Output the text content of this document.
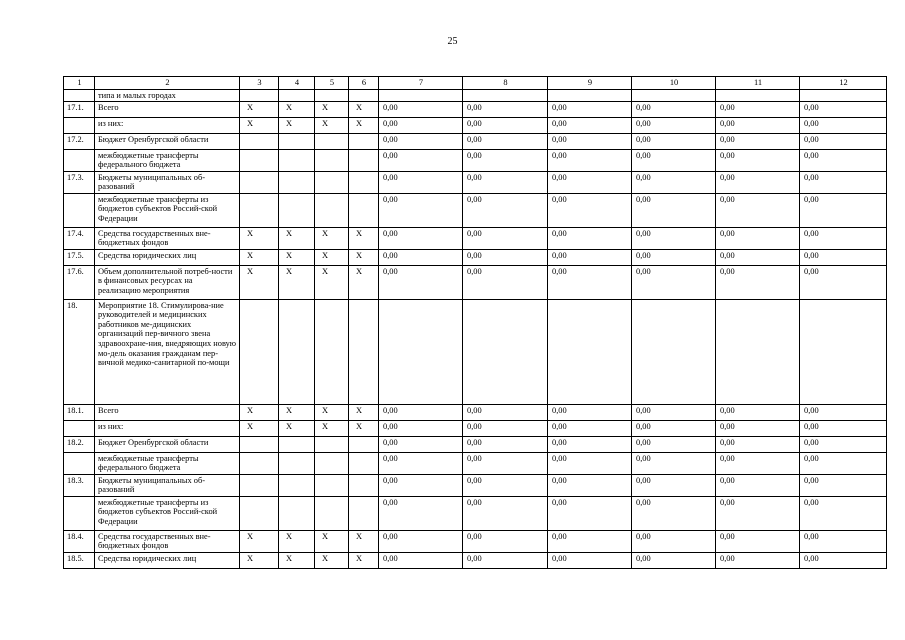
25
1	2	3	4	5	6	7	8	9	10	11	12
	типа и малых городах										
17.1.	Всего	X	X	X	X	0,00	0,00	0,00	0,00	0,00	0,00
	из них:	X	X	X	X	0,00	0,00	0,00	0,00	0,00	0,00
17.2.	Бюджет Оренбургской области					0,00	0,00	0,00	0,00	0,00	0,00
	межбюджетные трансферты федерального бюджета					0,00	0,00	0,00	0,00	0,00	0,00
17.3.	Бюджеты муниципальных об-разований					0,00	0,00	0,00	0,00	0,00	0,00
	межбюджетные трансферты из бюджетов субъектов Россий-ской Федерации					0,00	0,00	0,00	0,00	0,00	0,00
17.4.	Средства государственных вне-бюджетных фондов	X	X	X	X	0,00	0,00	0,00	0,00	0,00	0,00
17.5.	Средства юридических лиц	X	X	X	X	0,00	0,00	0,00	0,00	0,00	0,00
17.6.	Объем дополнительной потреб-ности в финансовых ресурсах на реализацию мероприятия	X	X	X	X	0,00	0,00	0,00	0,00	0,00	0,00
18.	Мероприятие 18. Стимулирова-ние руководителей и медицинских работников ме-дицинских организаций пер-вичного звена здравоохране-ния, внедряющих новую мо-дель оказания гражданам пер-вичной медико-санитарной по-мощи										
18.1.	Всего	X	X	X	X	0,00	0,00	0,00	0,00	0,00	0,00
	из них:	X	X	X	X	0,00	0,00	0,00	0,00	0,00	0,00
18.2.	Бюджет Оренбургской области					0,00	0,00	0,00	0,00	0,00	0,00
	межбюджетные трансферты федерального бюджета					0,00	0,00	0,00	0,00	0,00	0,00
18.3.	Бюджеты муниципальных об-разований					0,00	0,00	0,00	0,00	0,00	0,00
	межбюджетные трансферты из бюджетов субъектов Россий-ской Федерации					0,00	0,00	0,00	0,00	0,00	0,00
18.4.	Средства государственных вне-бюджетных фондов	X	X	X	X	0,00	0,00	0,00	0,00	0,00	0,00
18.5.	Средства юридических лиц	X	X	X	X	0,00	0,00	0,00	0,00	0,00	0,00
